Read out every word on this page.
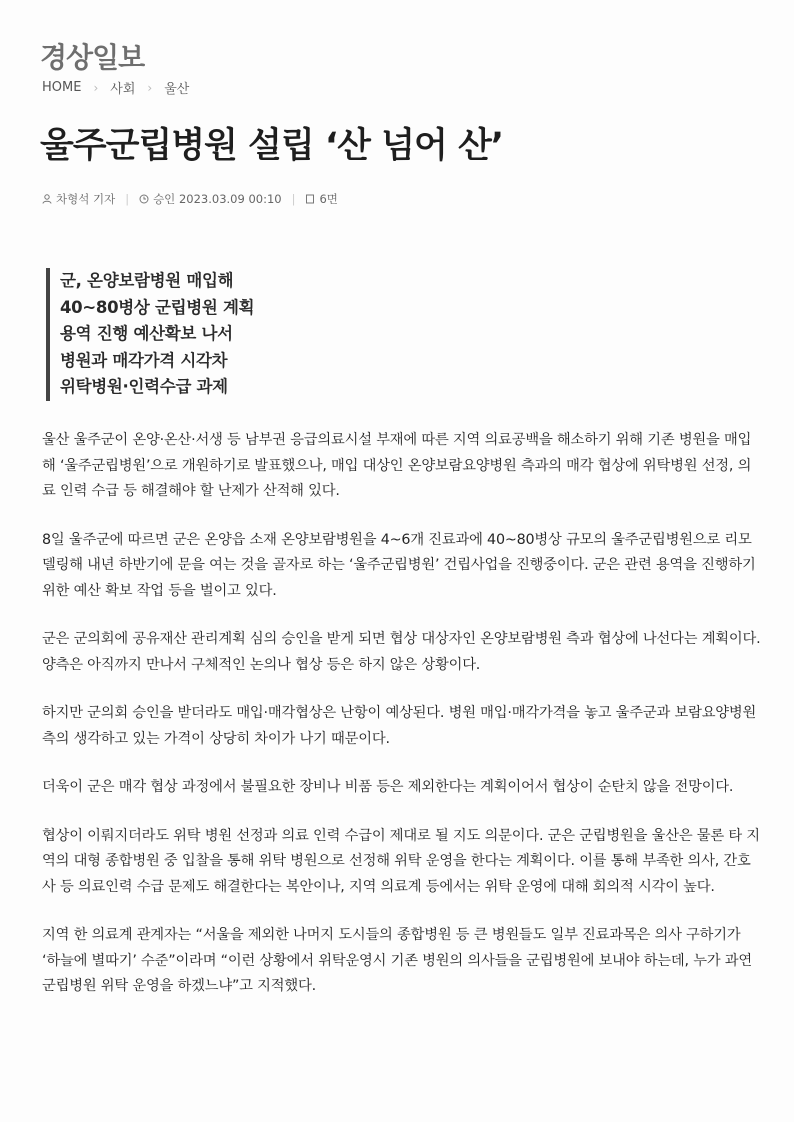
경상일보
HOME › 사회 › 울산
울주군립병원 설립 ‘산 넘어 산’
차형석 기자 | 승인 2023.03.09 00:10 | 6면
군, 온양보람병원 매입해
40~80병상 군립병원 계획
용역 진행 예산확보 나서
병원과 매각가격 시각차
위탁병원·인력수급 과제

울산 울주군이 온양·온산·서생 등 남부권 응급의료시설 부재에 따른 지역 의료공백을 해소하기 위해 기존 병원을 매입해 ‘울주군립병원’으로 개원하기로 발표했으나, 매입 대상인 온양보람요양병원 측과의 매각 협상에 위탁병원 선정, 의료 인력 수급 등 해결해야 할 난제가 산적해 있다.

8일 울주군에 따르면 군은 온양읍 소재 온양보람병원을 4~6개 진료과에 40~80병상 규모의 울주군립병원으로 리모델링해 내년 하반기에 문을 여는 것을 골자로 하는 ‘울주군립병원’ 건립사업을 진행중이다. 군은 관련 용역을 진행하기 위한 예산 확보 작업 등을 벌이고 있다.

군은 군의회에 공유재산 관리계획 심의 승인을 받게 되면 협상 대상자인 온양보람병원 측과 협상에 나선다는 계획이다. 양측은 아직까지 만나서 구체적인 논의나 협상 등은 하지 않은 상황이다.

하지만 군의회 승인을 받더라도 매입·매각협상은 난항이 예상된다. 병원 매입·매각가격을 놓고 울주군과 보람요양병원측의 생각하고 있는 가격이 상당히 차이가 나기 때문이다.

더욱이 군은 매각 협상 과정에서 불필요한 장비나 비품 등은 제외한다는 계획이어서 협상이 순탄치 않을 전망이다.

협상이 이뤄지더라도 위탁 병원 선정과 의료 인력 수급이 제대로 될 지도 의문이다. 군은 군립병원을 울산은 물론 타 지역의 대형 종합병원 중 입찰을 통해 위탁 병원으로 선정해 위탁 운영을 한다는 계획이다. 이를 통해 부족한 의사, 간호사 등 의료인력 수급 문제도 해결한다는 복안이나, 지역 의료계 등에서는 위탁 운영에 대해 회의적 시각이 높다.

지역 한 의료계 관계자는 “서울을 제외한 나머지 도시들의 종합병원 등 큰 병원들도 일부 진료과목은 의사 구하기가 ‘하늘에 별따기’ 수준”이라며 “이런 상황에서 위탁운영시 기존 병원의 의사들을 군립병원에 보내야 하는데, 누가 과연 군립병원 위탁 운영을 하겠느냐”고 지적했다.
